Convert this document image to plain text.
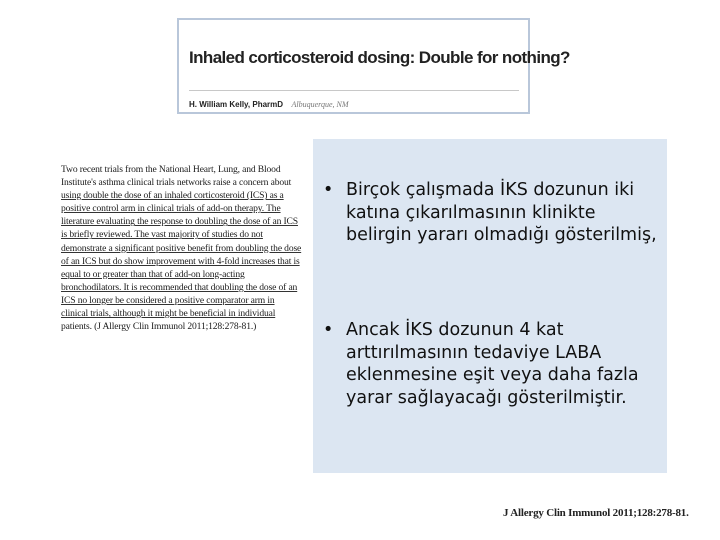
Inhaled corticosteroid dosing: Double for nothing?
H. William Kelly, PharmD Albuquerque, NM
Two recent trials from the National Heart, Lung, and Blood
Institute's asthma clinical trials networks raise a concern about
using double the dose of an inhaled corticosteroid (ICS) as a
positive control arm in clinical trials of add-on therapy. The
literature evaluating the response to doubling the dose of an ICS
is briefly reviewed. The vast majority of studies do not
demonstrate a significant positive benefit from doubling the dose
of an ICS but do show improvement with 4-fold increases that is
equal to or greater than that of add-on long-acting
bronchodilators. It is recommended that doubling the dose of an
ICS no longer be considered a positive comparator arm in
clinical trials, although it might be beneficial in individual
patients. (J Allergy Clin Immunol 2011;128:278-81.)
• Birçok çalışmada İKS dozunun iki katına çıkarılmasının klinikte belirgin yararı olmadığı gösterilmiş,
• Ancak İKS dozunun 4 kat arttırılmasının tedaviye LABA eklenmesine eşit veya daha fazla yarar sağlayacağı gösterilmiştir.
J Allergy Clin Immunol 2011;128:278-81.
